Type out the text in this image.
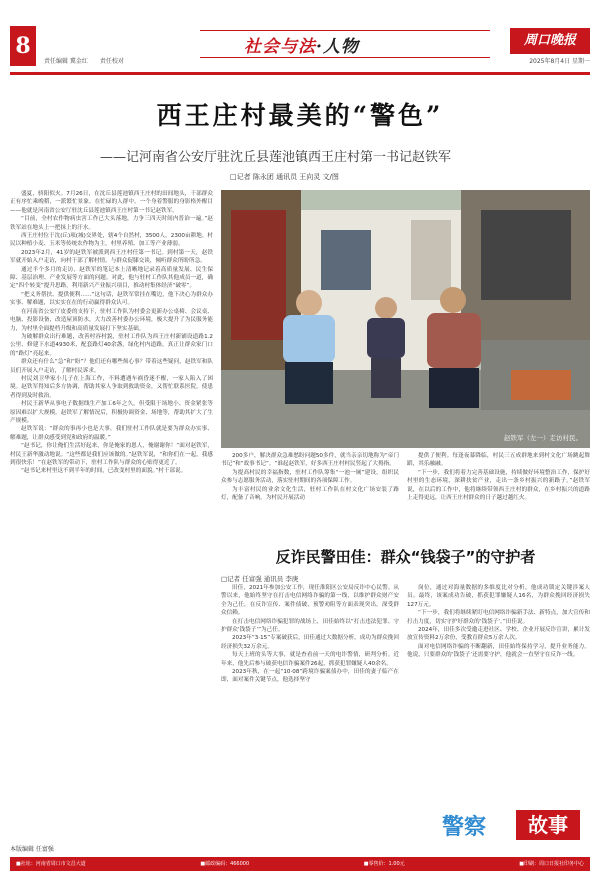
8
责任编辑 冀金红 责任校对
社会与法·人物	周口晚报
2025年8月4日 星期一
西王庄村最美的“警色”
——记河南省公安厅驻沈丘县莲池镇西王庄村第一书记赵铁军
□记者 陈永团 通讯员 王向灵 文/图

盛夏，骄阳似火。7月26日，在沈丘县莲池镇西王庄村的田间地头，干部群众正有序忙乘晚稻，一派繁忙景象。在忙碌的人群中，一个身着警服的身影格外醒目——他就是河南省公安厅驻沈丘县莲池镇西王庄村第一书记赵铁军。

“目前，全村农作物病虫害工作已大头落地，力争三四天时间内普治一遍。”赵铁军站在地头上一把抹上的汗水。

西王庄村位于沈(丘)项(城)交界处，辖4个自然村，3500人，2300亩耕地。村民以种植小麦、玉米等传统农作物为主，村里养殖、加工等产业薄弱。

2023年2月，41岁的赵铁军被派到西王庄村任第一书记。到村第一天，赵铁军就开始入户走访，向村干部了解村情，与群众促膝交谈，倾听群众所盼所急。

通过半个多月的走访，赵铁军的笔记本上清晰地记录着高质量发展、民生保障、基层治理、产业发展等方面的问题。对此，他与驻村工作队其他成员一道，确定“四个转变”提升思路，利用新兴产业振兴项目，推动村集体经济“破零”。

“把义务帮扶、提供便利……”这句话，赵铁军常挂在嘴边，他下决心为群众办实事、解难题，以实实在在的行动赢得群众认可。

在河南省公安厅皮委的支持下，驻村工作队为村委会更新办公桌椅、会议桌、电脑、投影设备，改造屋顶防水，大力改善村委办公环境，极大提升了为民服务能力，为村里全面提档升级和高质量发展打下坚实基础。

为破解群众出行难题，改善村容村貌，驻村工作队为西王庄村新铺设道路1.2公里、修建下水道4930米，配套路灯40余盏，绿化村内道路，真正让群众家门口的“路灯”亮起来。

群众还有什么“急”和“盼”？他们还有哪些烦心事？带着这些疑问，赵铁军和队员们开展入户走访，了解村民诉求。

村民刘卫华家小儿子在上海工作，不料遭遇车祸昏迷不醒，一家人陷入了困境。赵铁军得知后多方协调，帮助其家人争取到救助资金，又帮忙联系医院，使患者得到及时救治。

村民王新华从事电子数据线生产加工6年之久，但受限于场地小、资金紧张等原因难以扩大规模。赵铁军了解情况后，积极协调资金、场地等，帮助其扩大了生产规模。

赵铁军说：“群众的事再小也是大事，我们驻村工作队就是要为群众办实事、解难题，让群众感受到党和政府的温暖。”

“赵书记，你让俺们生活好起来，你是俺家的恩人，俺谢谢你！”面对赵铁军，村民王新华激动地说。“这些都是我们应该做的。”赵铁军说，“和你们在一起，我感到很快乐！”在赵铁军的带动下，驻村工作队与群众的心贴得更近了。

“赵书记来村里这不到半年的时间，已改变村里的面貌。”村干部说。

本版编辑 任富强
赵铁军（左一）走访村民。

200多户，解决群众急难愁盼问题50多件，就当亲亲切地称为“帝门书记”和“故事书记”。“谁起赵铁军，好多西王庄村村民竖起了大拇指。

为提高村民的幸福指数，驻村工作队筹集“一池一厕”建设，组织民众参与志愿服务活动，落实驻村期间的各项保障工作。

为丰富村民的业余文化生活，驻村工作队在村文化广场安装了路灯，配备了音响，为村民开展活动

提供了便利。每逢夜幕降临，村民三五成群地来到村文化广场跳起舞蹈，其乐融融。

“下一步，我们将着力完善基础设施，持续做好环境整治工作，保护好村里的生态环境，深耕扶贫产业，走出一条乡村振兴的新路子。”赵铁军说，在以后的工作中，他将继续带领西王庄村的群众，在乡村振兴的道路上走得更远，让西王庄村群众的日子越过越红火。

反诈民警田佳：群众“钱袋子”的守护者
□记者 任富强 通讯员 李庚

田佳，2021年参加公安工作，现任淮阳区公安局反诈中心民警。从警以来，他始终坚守在打击电信网络诈骗的第一线，以维护群众财产安全为己任，在反诈宣传、案件侦破、预警劝阻等方面表现突出，深受群众信赖。

在打击电信网络诈骗犯罪的战场上，田佳始终以“打击违法犯罪、守护群众‘钱袋子’”为己任。

2023年“3·15”专案破获后，田佳通过大数据分析，成功为群众挽回经济损失32万余元。

每天上班的头等大事，就是查看前一天的电诈警情，研判分析。近年来，他先后参与破获电信诈骗案件26起，抓获犯罪嫌疑人40余名。

2023年秋，在一起“10·08”跨境诈骗案侦办中，田佳的妻子临产在即，面对案件关键节点，他选择坚守

岗位，通过对海量数据的多维度比对分析，他成功锁定关键涉案人员。最终，该案成功告破，抓获犯罪嫌疑人16名，为群众挽回经济损失127万元。

“下一步，我们将继续紧盯电信网络诈骗新手法、新特点，加大宣传和打击力度，切实守护好群众的‘钱袋子’。”田佳说。

2024年，田佳多次受邀走进社区、学校、企业开展反诈宣讲，累计发放宣传资料2万余份，受教育群众5万余人次。

面对电信网络诈骗的不断翻新，田佳始终保持学习，提升业务能力。他说，只要群众的‘钱袋子’还需要守护，他就会一直坚守在反诈一线。

警察	故事
■社址：河南省周口市文昌大道	■邮政编码：466000	■零售价：1.00元	■印刷：周口日报社印务中心
